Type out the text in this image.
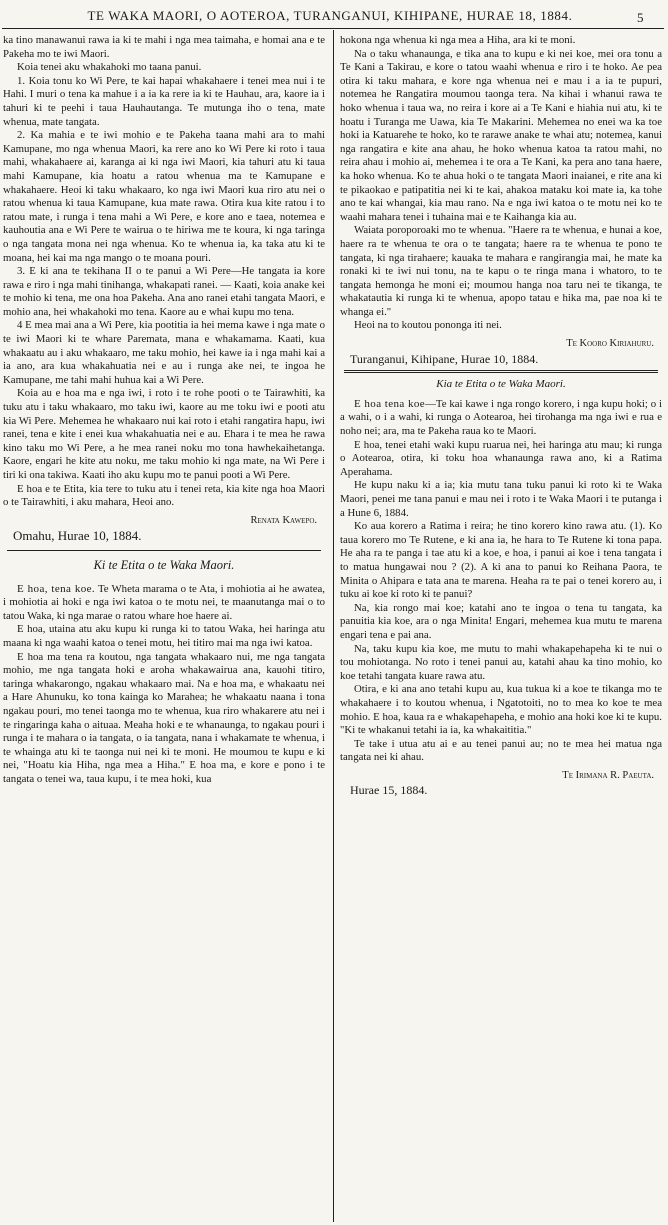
TE WAKA MAORI, O AOTEROA, TURANGANUI, KIHIPANE, HURAE 18, 1884.	5

ka tino manawanui rawa ia ki te mahi i nga mea taimaha, e homai ana e te Pakeha mo te iwi Maori.

Koia tenei aku whakahoki mo taana panui.

1. Koia tonu ko Wi Pere, te kai hapai whakahaere i tenei mea nui i te Hahi. I muri o tena ka mahue i a ia ka rere ia ki te Hauhau, ara, kaore ia i tahuri ki te peehi i taua Hauhautanga. Te mutunga iho o tena, mate whenua, mate tangata.

2. Ka mahia e te iwi mohio e te Pakeha taana mahi ara to mahi Kamupane, mo nga whenua Maori, ka rere ano ko Wi Pere ki roto i taua mahi, whakahaere ai, karanga ai ki nga iwi Maori, kia tahuri atu ki taua mahi Kamupane, kia hoatu a ratou whenua ma te Kamupane e whakahaere. Heoi ki taku whakaaro, ko nga iwi Maori kua riro atu nei o ratou whenua ki taua Kamupane, kua mate rawa. Otira kua kite ratou i to ratou mate, i runga i tena mahi a Wi Pere, e kore ano e taea, notemea e kauhoutia ana e Wi Pere te wairua o te hiriwa me te koura, ki nga taringa o nga tangata mona nei nga whenua. Ko te whenua ia, ka taka atu ki te moana, hei kai ma nga mango o te moana pouri.

3. E ki ana te tekihana II o te panui a Wi Pere—He tangata ia kore rawa e riro i nga mahi tinihanga, whakapati ranei. — Kaati, koia anake kei te mohio ki tena, me ona hoa Pakeha. Ana ano ranei etahi tangata Maori, e mohio ana, hei whakahoki mo tena. Kaore au e whai kupu mo tena.

4 E mea mai ana a Wi Pere, kia pootitia ia hei mema kawe i nga mate o te iwi Maori ki te whare Paremata, mana e whakamama. Kaati, kua whakaatu au i aku whakaaro, me taku mohio, hei kawe ia i nga mahi kai a ia ano, ara kua whakahuatia nei e au i runga ake nei, te ingoa he Kamupane, me tahi mahi huhua kai a Wi Pere.

Koia au e hoa ma e nga iwi, i roto i te rohe pooti o te Tairawhiti, ka tuku atu i taku whakaaro, mo taku iwi, kaore au me toku iwi e pooti atu kia Wi Pere. Mehemea he whakaaro nui kai roto i etahi rangatira hapu, iwi ranei, tena e kite i enei kua whakahuatia nei e au. Ehara i te mea he rawa kino taku mo Wi Pere, a he mea ranei noku mo tona hawhekaihetanga. Kaore, engari he kite atu noku, me taku mohio ki nga mate, na Wi Pere i tiri ki ona takiwa. Kaati iho aku kupu mo te panui pooti a Wi Pere.

E hoa e te Etita, kia tere to tuku atu i tenei reta, kia kite nga hoa Maori o te Tairawhiti, i aku mahara, Heoi ano.

Renata Kawepo.
Omahu, Hurae 10, 1884.
Ki te Etita o te Waka Maori.

E hoa, tena koe. Te Wheta marama o te Ata, i mohiotia ai he awatea, i mohiotia ai hoki e nga iwi katoa o te motu nei, te maanutanga mai o to tatou Waka, ki nga marae o ratou whare hoe haere ai.

E hoa, utaina atu aku kupu ki runga ki to tatou Waka, hei haringa atu maana ki nga waahi katoa o tenei motu, hei titiro mai ma nga iwi katoa.

E hoa ma tena ra koutou, nga tangata whakaaro nui, me nga tangata mohio, me nga tangata hoki e aroha whakawairua ana, kauohi titiro, taringa whakarongo, ngakau whakaaro mai. Na e hoa ma, e whakaatu nei a Hare Ahunuku, ko tona kainga ko Marahea; he whakaatu naana i tona ngakau pouri, mo tenei taonga mo te whenua, kua riro whakarere atu nei i te ringaringa kaha o aituaa. Meaha hoki e te whanaunga, to ngakau pouri i runga i te mahara o ia tangata, o ia tangata, nana i whakamate te whenua, i te whainga atu ki te taonga nui nei ki te moni. He moumou te kupu e ki nei, "Hoatu kia Hiha, nga mea a Hiha." E hoa ma, e kore e pono i te tangata o tenei wa, taua kupu, i te mea hoki, kua

hokona nga whenua ki nga mea a Hiha, ara ki te moni.

Na o taku whanaunga, e tika ana to kupu e ki nei koe, mei ora tonu a Te Kani a Takirau, e kore o tatou waahi whenua e riro i te hoko. Ae pea otira ki taku mahara, e kore nga whenua nei e mau i a ia te pupuri, notemea he Rangatira moumou taonga tera. Na kihai i whanui rawa te hoko whenua i taua wa, no reira i kore ai a Te Kani e hiahia nui atu, ki te hoatu i Turanga me Uawa, kia Te Makarini. Mehemea no enei wa ka toe hoki ia Katuarehe te hoko, ko te rarawe anake te whai atu; notemea, kanui nga rangatira e kite ana ahau, he hoko whenua katoa ta ratou mahi, no reira ahau i mohio ai, mehemea i te ora a Te Kani, ka pera ano tana haere, ka hoko whenua. Ko te ahua hoki o te tangata Maori inaianei, e rite ana ki te pikaokao e patipatitia nei ki te kai, ahakoa mataku koi mate ia, ka tohe ano te kai whangai, kia mau rano. Na e nga iwi katoa o te motu nei ko te waahi mahara tenei i tuhaina mai e te Kaihanga kia au.

Waiata poroporoaki mo te whenua. "Haere ra te whenua, e hunai a koe, haere ra te whenua te ora o te tangata; haere ra te whenua te pono te tangata, ki nga tirahaere; kauaka te mahara e rangirangia mai, he mate ka ronaki ki te iwi nui tonu, na te kapu o te ringa mana i whatoro, to te tangata hemonga he moni ei; moumou hanga noa taru nei te tikanga, te whakatautia ki runga ki te whenua, apopo tatau e hika ma, pae noa ki te whanga ei."

Heoi na to koutou pononga iti nei.

Te Kooro Kiriahuru.
Turanganui, Kihipane, Hurae 10, 1884.
Kia te Etita o te Waka Maori.

E hoa tena koe—Te kai kawe i nga rongo korero, i nga kupu hoki; o i a wahi, o i a wahi, ki runga o Aotearoa, hei tirohanga ma nga iwi e rua e noho nei; ara, ma te Pakeha raua ko te Maori.

E hoa, tenei etahi waki kupu ruarua nei, hei haringa atu mau; ki runga o Aotearoa, otira, ki toku hoa whanaunga rawa ano, ki a Ratima Aperahama.

He kupu naku ki a ia; kia mutu tana tuku panui ki roto ki te Waka Maori, penei me tana panui e mau nei i roto i te Waka Maori i te putanga i a Hune 6, 1884.

Ko aua korero a Ratima i reira; he tino korero kino rawa atu. (1). Ko taua korero mo Te Rutene, e ki ana ia, he hara to Te Rutene ki tona papa. He aha ra te panga i tae atu ki a koe, e hoa, i panui ai koe i tena tangata i to matua hungawai nou ? (2). A ki ana to panui ko Reihana Paora, te Minita o Ahipara e tata ana te marena. Heaha ra te pai o tenei korero au, i tuku ai koe ki roto ki te panui?

Na, kia rongo mai koe; katahi ano te ingoa o tena tu tangata, ka panuitia kia koe, ara o nga Minita! Engari, mehemea kua mutu te marena engari tena e pai ana.

Na, taku kupu kia koe, me mutu to mahi whakapehapeha ki te nui o tou mohiotanga. No roto i tenei panui au, katahi ahau ka tino mohio, ko koe tetahi tangata kuare rawa atu.

Otira, e ki ana ano tetahi kupu au, kua tukua ki a koe te tikanga mo te whakahaere i to koutou whenua, i Ngatotoiti, no to mea ko koe te mea mohio. E hoa, kaua ra e whakapehapeha, e mohio ana hoki koe ki te kupu. "Ki te whakanui tetahi ia ia, ka whakaititia."

Te take i utua atu ai e au tenei panui au; no te mea hei matua nga tangata nei ki ahau.

Te Irimana R. Paeuta.
Hurae 15, 1884.
